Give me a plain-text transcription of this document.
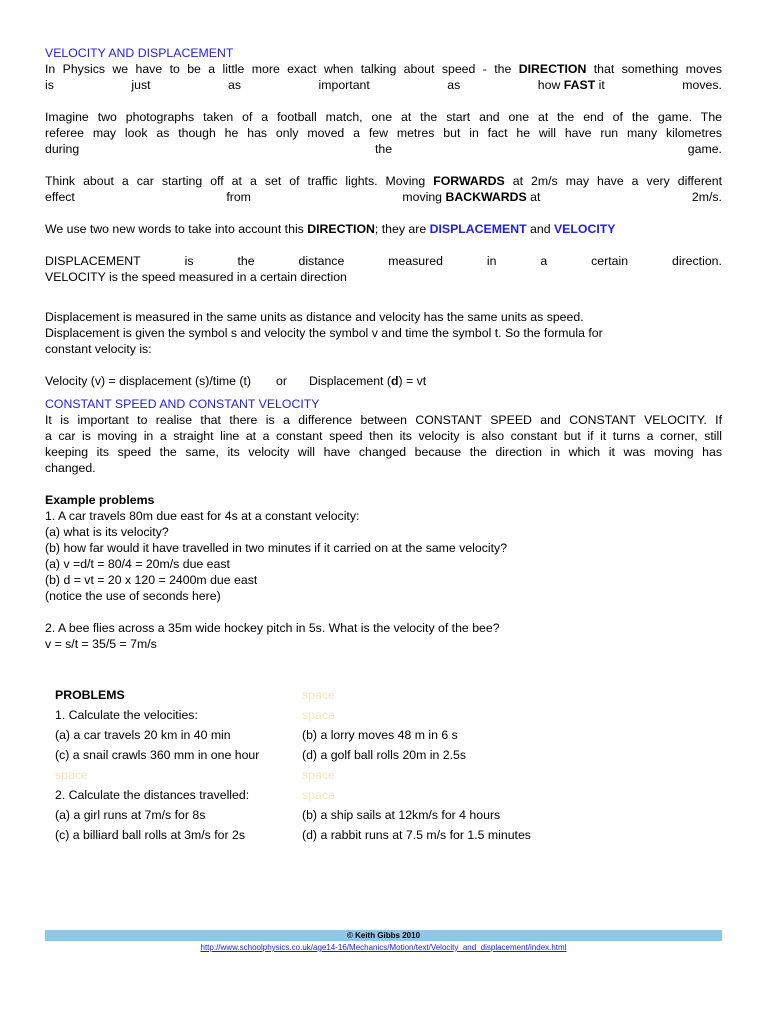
VELOCITY AND DISPLACEMENT

In Physics we have to be a little more exact when talking about speed - the DIRECTION that something moves

is	just	as	important	as	how FAST it	moves.

Imagine two photographs taken of a football match, one at the start and one at the end of the game. The

referee may look as though he has only moved a few metres but in fact he will have run many kilometres

during	the	game.

Think about a car starting off at a set of traffic lights. Moving FORWARDS at 2m/s may have a very different

effect	from	moving BACKWARDS at	2m/s.

We use two new words to take into account this DIRECTION; they are DISPLACEMENT and VELOCITY

DISPLACEMENT	is	the	distance	measured	in	a	certain	direction.

VELOCITY is the speed measured in a certain direction

Displacement is measured in the same units as distance and velocity has the same units as speed.

Displacement is given the symbol s and velocity the symbol v and time the symbol t. So the formula for

constant velocity is:

Velocity (v) = displacement (s)/time (t) or Displacement (d) = vt

CONSTANT SPEED AND CONSTANT VELOCITY

It is important to realise that there is a difference between CONSTANT SPEED and CONSTANT VELOCITY. If

a car is moving in a straight line at a constant speed then its velocity is also constant but if it turns a corner, still

keeping its speed the same, its velocity will have changed because the direction in which it was moving has

changed.

Example problems

1. A car travels 80m due east for 4s at a constant velocity:

(a) what is its velocity?

(b) how far would it have travelled in two minutes if it carried on at the same velocity?

(a) v =d/t = 80/4 = 20m/s due east

(b) d = vt = 20 x 120 = 2400m due east

(notice the use of seconds here)

2. A bee flies across a 35m wide hockey pitch in 5s. What is the velocity of the bee?

v = s/t = 35/5 = 7m/s

PROBLEMS	space
1. Calculate the velocities:	space
(a) a car travels 20 km in 40 min	(b) a lorry moves 48 m in 6 s
(c) a snail crawls 360 mm in one hour	(d) a golf ball rolls 20m in 2.5s
space	space
2. Calculate the distances travelled:	space
(a) a girl runs at 7m/s for 8s	(b) a ship sails at 12km/s for 4 hours
(c) a billiard ball rolls at 3m/s for 2s	(d) a rabbit runs at 7.5 m/s for 1.5 minutes
© Keith Gibbs 2010
http://www.schoolphysics.co.uk/age14-16/Mechanics/Motion/text/Velocity_and_displacement/index.html
